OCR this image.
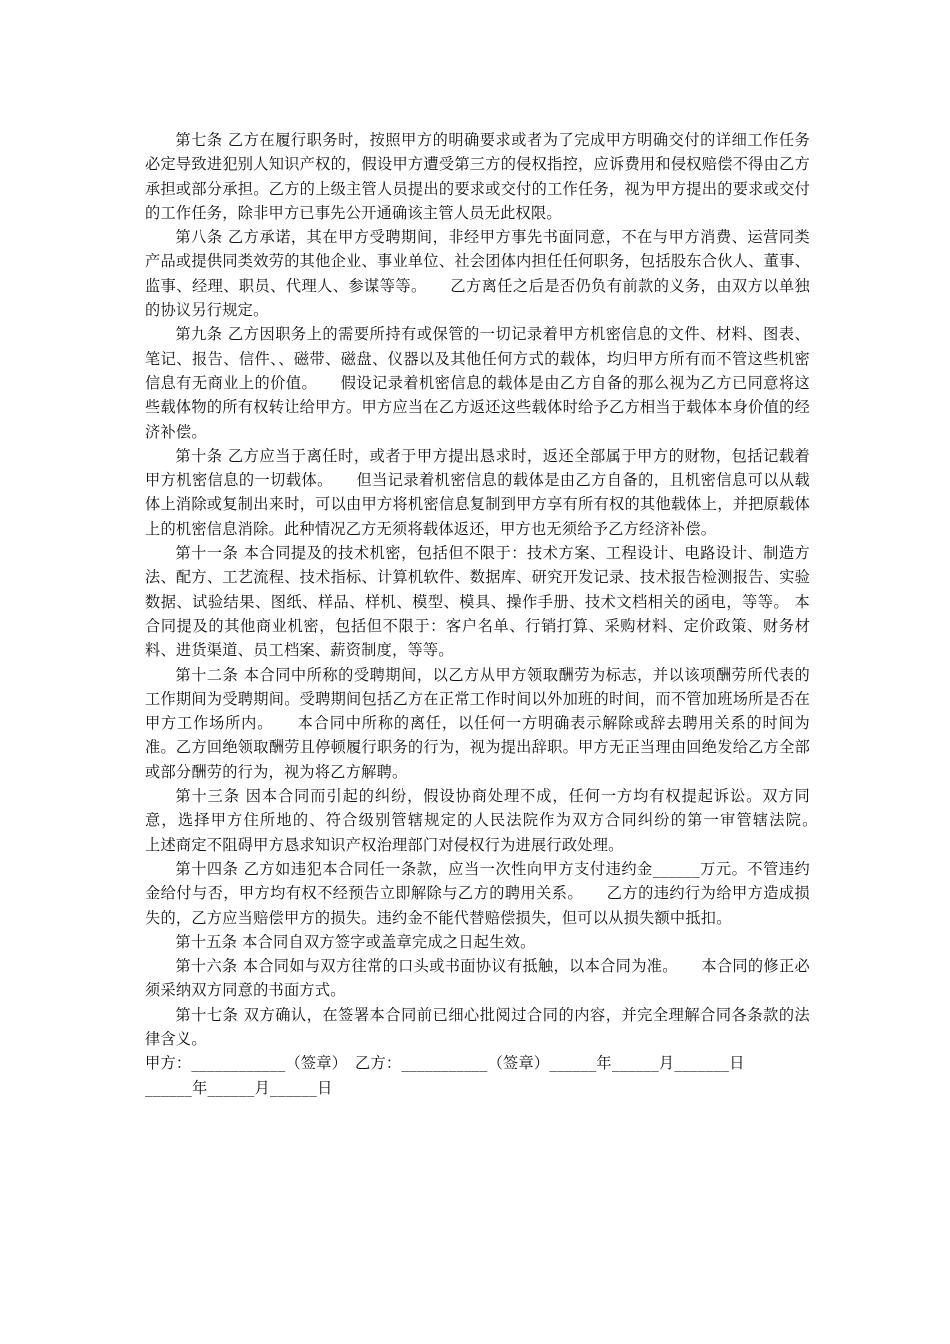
第七条 乙方在履行职务时，按照甲方的明确要求或者为了完成甲方明确交付的详细工作任务必定导致进犯别人知识产权的，假设甲方遭受第三方的侵权指控，应诉费用和侵权赔偿不得由乙方承担或部分承担。乙方的上级主管人员提出的要求或交付的工作任务，视为甲方提出的要求或交付的工作任务，除非甲方已事先公开通确该主管人员无此权限。

第八条 乙方承诺，其在甲方受聘期间，非经甲方事先书面同意，不在与甲方消费、运营同类产品或提供同类效劳的其他企业、事业单位、社会团体内担任任何职务，包括股东合伙人、董事、监事、经理、职员、代理人、参谋等等。　　乙方离任之后是否仍负有前款的义务，由双方以单独的协议另行规定。

第九条 乙方因职务上的需要所持有或保管的一切记录着甲方机密信息的文件、材料、图表、笔记、报告、信件、、磁带、磁盘、仪器以及其他任何方式的载体，均归甲方所有而不管这些机密信息有无商业上的价值。　　假设记录着机密信息的载体是由乙方自备的那么视为乙方已同意将这些载体物的所有权转让给甲方。甲方应当在乙方返还这些载体时给予乙方相当于载体本身价值的经济补偿。

第十条 乙方应当于离任时，或者于甲方提出恳求时，返还全部属于甲方的财物，包括记载着甲方机密信息的一切载体。　　但当记录着机密信息的载体是由乙方自备的，且机密信息可以从载体上消除或复制出来时，可以由甲方将机密信息复制到甲方享有所有权的其他载体上，并把原载体上的机密信息消除。此种情况乙方无须将载体返还，甲方也无须给予乙方经济补偿。

第十一条 本合同提及的技术机密，包括但不限于：技术方案、工程设计、电路设计、制造方法、配方、工艺流程、技术指标、计算机软件、数据库、研究开发记录、技术报告检测报告、实验数据、试验结果、图纸、样品、样机、模型、模具、操作手册、技术文档相关的函电，等等。 本合同提及的其他商业机密，包括但不限于：客户名单、行销打算、采购材料、定价政策、财务材料、进货渠道、员工档案、薪资制度，等等。

第十二条 本合同中所称的受聘期间，以乙方从甲方领取酬劳为标志，并以该项酬劳所代表的工作期间为受聘期间。受聘期间包括乙方在正常工作时间以外加班的时间，而不管加班场所是否在甲方工作场所内。　　本合同中所称的离任，以任何一方明确表示解除或辞去聘用关系的时间为准。乙方回绝领取酬劳且停顿履行职务的行为，视为提出辞职。甲方无正当理由回绝发给乙方全部或部分酬劳的行为，视为将乙方解聘。

第十三条 因本合同而引起的纠纷，假设协商处理不成，任何一方均有权提起诉讼。双方同意，选择甲方住所地的、符合级别管辖规定的人民法院作为双方合同纠纷的第一审管辖法院。　　上述商定不阻碍甲方恳求知识产权治理部门对侵权行为进展行政处理。

第十四条 乙方如违犯本合同任一条款，应当一次性向甲方支付违约金______万元。不管违约金给付与否，甲方均有权不经预告立即解除与乙方的聘用关系。　　乙方的违约行为给甲方造成损失的，乙方应当赔偿甲方的损失。违约金不能代替赔偿损失，但可以从损失额中抵扣。

第十五条 本合同自双方签字或盖章完成之日起生效。

第十六条 本合同如与双方往常的口头或书面协议有抵触，以本合同为准。　　本合同的修正必须采纳双方同意的书面方式。

第十七条 双方确认，在签署本合同前已细心批阅过合同的内容，并完全理解合同各条款的法律含义。

甲方：____________（签章）　乙方：___________（签章）______年______月_______日

______年______月______日
